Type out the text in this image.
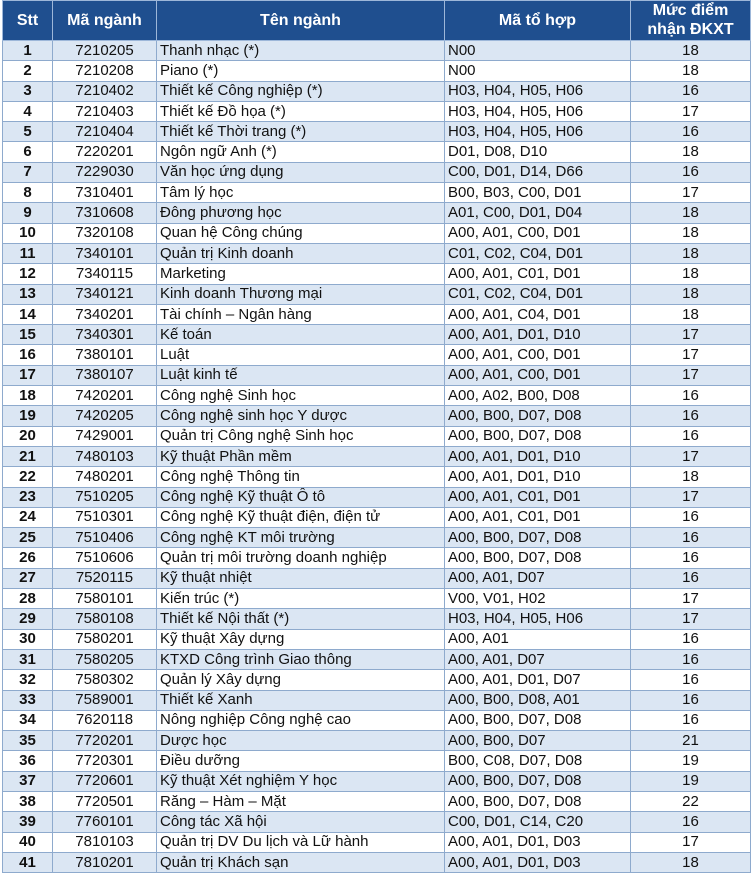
Stt	Mã ngành	Tên ngành	Mã tổ hợp	Mức điểm
nhận ĐKXT

1	7210205	Thanh nhạc (*)	N00	18
2	7210208	Piano (*)	N00	18
3	7210402	Thiết kế Công nghiệp (*)	H03, H04, H05, H06	16
4	7210403	Thiết kế Đồ họa (*)	H03, H04, H05, H06	17
5	7210404	Thiết kế Thời trang (*)	H03, H04, H05, H06	16
6	7220201	Ngôn ngữ Anh (*)	D01, D08, D10	18
7	7229030	Văn học ứng dụng	C00, D01, D14, D66	16
8	7310401	Tâm lý học	B00, B03, C00, D01	17
9	7310608	Đông phương học	A01, C00, D01, D04	18
10	7320108	Quan hệ Công chúng	A00, A01, C00, D01	18
11	7340101	Quản trị Kinh doanh	C01, C02, C04, D01	18
12	7340115	Marketing	A00, A01, C01, D01	18
13	7340121	Kinh doanh Thương mại	C01, C02, C04, D01	18
14	7340201	Tài chính – Ngân hàng	A00, A01, C04, D01	18
15	7340301	Kế toán	A00, A01, D01, D10	17
16	7380101	Luật	A00, A01, C00, D01	17
17	7380107	Luật kinh tế	A00, A01, C00, D01	17
18	7420201	Công nghệ Sinh học	A00, A02, B00, D08	16
19	7420205	Công nghệ sinh học Y dược	A00, B00, D07, D08	16
20	7429001	Quản trị Công nghệ Sinh học	A00, B00, D07, D08	16
21	7480103	Kỹ thuật Phần mềm	A00, A01, D01, D10	17
22	7480201	Công nghệ Thông tin	A00, A01, D01, D10	18
23	7510205	Công nghệ Kỹ thuật Ô tô	A00, A01, C01, D01	17
24	7510301	Công nghệ Kỹ thuật điện, điện tử	A00, A01, C01, D01	16
25	7510406	Công nghệ KT môi trường	A00, B00, D07, D08	16
26	7510606	Quản trị môi trường doanh nghiệp	A00, B00, D07, D08	16
27	7520115	Kỹ thuật nhiệt	A00, A01, D07	16
28	7580101	Kiến trúc (*)	V00, V01, H02	17
29	7580108	Thiết kế Nội thất (*)	H03, H04, H05, H06	17
30	7580201	Kỹ thuật Xây dựng	A00, A01	16
31	7580205	KTXD Công trình Giao thông	A00, A01, D07	16
32	7580302	Quản lý Xây dựng	A00, A01, D01, D07	16
33	7589001	Thiết kế Xanh	A00, B00, D08, A01	16
34	7620118	Nông nghiệp Công nghệ cao	A00, B00, D07, D08	16
35	7720201	Dược học	A00, B00, D07	21
36	7720301	Điều dưỡng	B00, C08, D07, D08	19
37	7720601	Kỹ thuật Xét nghiệm Y học	A00, B00, D07, D08	19
38	7720501	Răng – Hàm – Mặt	A00, B00, D07, D08	22
39	7760101	Công tác Xã hội	C00, D01, C14, C20	16
40	7810103	Quản trị DV Du lịch và Lữ hành	A00, A01, D01, D03	17
41	7810201	Quản trị Khách sạn	A00, A01, D01, D03	18
